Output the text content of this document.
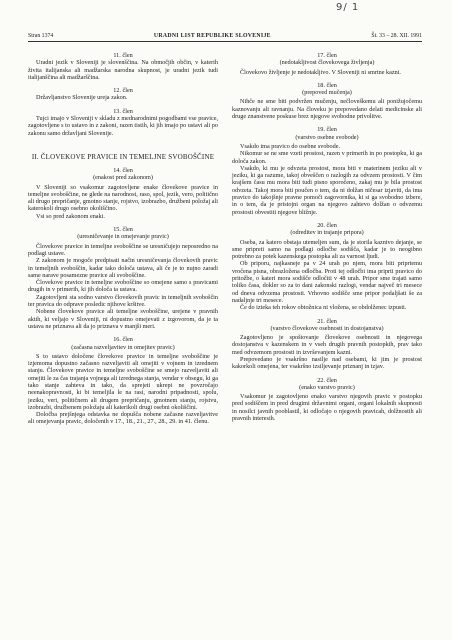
9/ 1
Stran 1374	URADNI LIST REPUBLIKE SLOVENIJE	Št. 33 – 28. XII. 1991
11. člen
Uradni jezik v Sloveniji je slovenščina. Na območjih občin, v katerih živita italijanska ali madžarska narodna skupnost, je uradni jezik tudi italijanščina ali madžarščina.
12. člen
Državljanstvo Slovenije ureja zakon.
13. člen
Tujci imajo v Sloveniji v skladu z mednarodnimi pogodbami vse pravice, zagotovljene s to ustavo in z zakoni, razen tistih, ki jih imajo po ustavi ali po zakonu samo državljani Slovenije.
II. ČLOVEKOVE PRAVICE IN TEMELJNE SVOBOŠČINE
14. člen
(enakost pred zakonom)
V Sloveniji so vsakomur zagotovljene enake človekove pravice in temeljne svoboščine, ne glede na narodnost, raso, spol, jezik, vero, politično ali drugo prepričanje, gmotno stanje, rojstvo, izobrazbo, družbeni položaj ali katerokoli drugo osebno okoliščino.
Vsi so pred zakonom enaki.
15. člen
(uresničevanje in omejevanje pravic)
Človekove pravice in temeljne svoboščine se uresničujejo neposredno na podlagi ustave.
Z zakonom je mogoče predpisati način uresničevanja človekovih pravic in temeljnih svoboščin, kadar tako določa ustava, ali če je to nujno zaradi same narave posamezne pravice ali svoboščine.
Človekove pravice in temeljne svoboščine so omejene samo s pravicami drugih in v primerih, ki jih določa ta ustava.
Zagotovljeni sta sodno varstvo človekovih pravic in temeljnih svoboščin ter pravica do odprave posledic njihove kršitve.
Nobene človekove pravice ali temeljne svoboščine, urejene v pravnih aktih, ki veljajo v Sloveniji, ni dopustno omejevati z izgovorom, da je ta ustava ne priznava ali da jo priznava v manjši meri.
16. člen
(začasna razveljavitev in omejitev pravic)
S to ustavo določene človekove pravice in temeljne svoboščine je izjemoma dopustno začasno razveljaviti ali omejiti v vojnem in izrednem stanju. Človekove pravice in temeljne svoboščine se smejo razveljaviti ali omejiti le za čas trajanja vojnega ali izrednega stanja, vendar v obsegu, ki ga tako stanje zahteva in tako, da sprejeti ukrepi ne povzročajo neenakopravnosti, ki bi temeljila le na rasi, narodni pripadnosti, spolu, jeziku, veri, političnem ali drugem prepričanju, gmotnem stanju, rojstvu, izobrazbi, družbenem položaju ali katerikoli drugi osebni okoliščini.
Določba prejšnjega odstavka ne dopušča nobene začasne razveljavitve ali omejevanja pravic, določenih v 17., 18., 21., 27., 28., 29. in 41. členu.
17. člen
(nedotakljivost človekovega življenja)
Človekovo življenje je nedotakljivo. V Sloveniji ni smrtne kazni.
18. člen
(prepoved mučenja)
Nihče ne sme biti podvržen mučenju, nečloveškemu ali ponižujočemu kaznovanju ali ravnanju. Na človeku je prepovedano delati medicinske ali druge znanstvene poskuse brez njegove svobodne privolitve.
19. člen
(varstvo osebne svobode)
Vsakdo ima pravico do osebne svobode.
Nikomur se ne sme vzeti prostost, razen v primerih in po postopku, ki ga določa zakon.
Vsakdo, ki mu je odvzeta prostost, mora biti v materinem jeziku ali v jeziku, ki ga razume, takoj obveščen o razlogih za odvzem prostosti. V čim krajšem času mu mora biti tudi pisno sporočeno, zakaj mu je bila prostost odvzeta. Takoj mora biti poučen o tem, da ni dolžan ničesar izjaviti, da ima pravico do takojšnje pravne pomoči zagovornika, ki si ga svobodno izbere, in o tem, da je pristojni organ na njegovo zahtevo dolžan o odvzemu prostosti obvestiti njegove bližnje.
20. člen
(odreditev in trajanje pripora)
Oseba, za katero obstaja utemeljen sum, da je storila kaznivo dejanje, se sme pripreti samo na podlagi odločbe sodišča, kadar je to neogibno potrebno za potek kazenskega postopka ali za varnost ljudi.
Ob priporu, najkasneje pa v 24 urah po njem, mora biti priprtemu vročena pisna, obrazložena odločba. Proti tej odločbi ima priprti pravico do pritožbe, o kateri mora sodišče odločiti v 48 urah. Pripor sme trajati samo toliko časa, dokler so za to dani zakonski razlogi, vendar največ tri mesece od dneva odvzema prostosti. Vrhovno sodišče sme pripor podaljšati še za nadaljnje tri mesece.
Če do izteka teh rokov obtožnica ni vložena, se obdolženec izpusti.
21. člen
(varstvo človekove osebnosti in dostojanstva)
Zagotovljeno je spoštovanje človekove osebnosti in njegovega dostojanstva v kazenskem in v vseh drugih pravnih postopkih, prav tako med odvzemom prostosti in izvrševanjem kazni.
Prepovedano je vsakršno nasilje nad osebami, ki jim je prostost kakorkoli omejena, ter vsakršno izsiljevanje priznanj in izjav.
22. člen
(enako varstvo pravic)
Vsakomur je zagotovljeno enako varstvo njegovih pravic v postopku pred sodiščem in pred drugimi državnimi organi, organi lokalnih skupnosti in nosilci javnih pooblastil, ki odločajo o njegovih pravicah, dolžnostih ali pravnih interesih.
